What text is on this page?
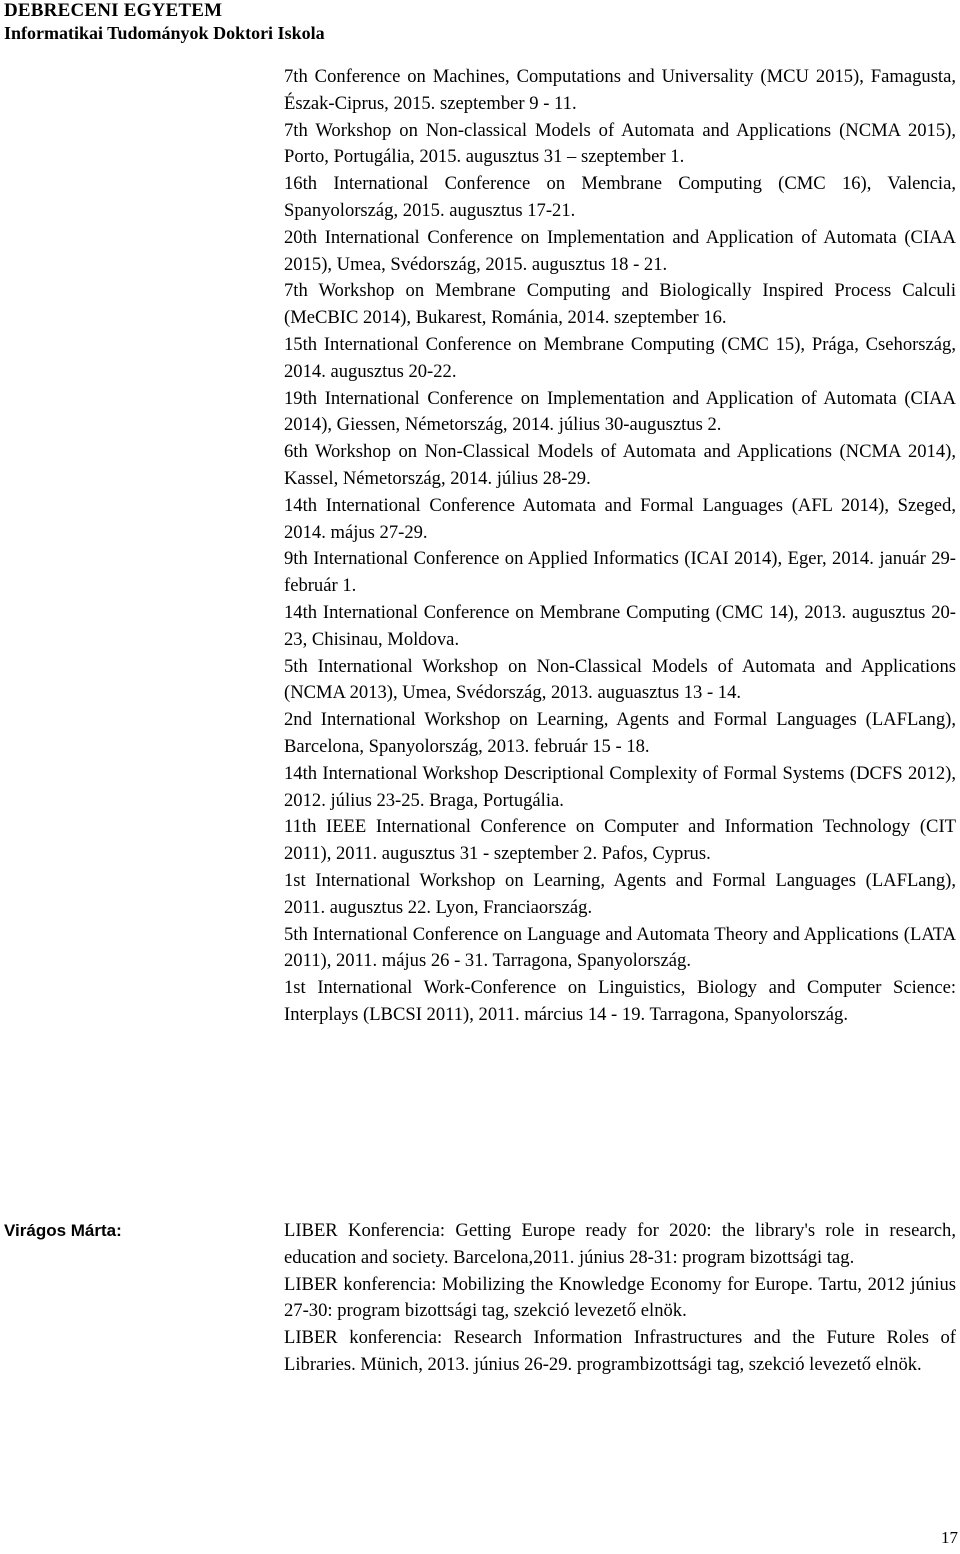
DEBRECENI EGYETEM
Informatikai Tudományok Doktori Iskola

7th Conference on Machines, Computations and Universality (MCU 2015), Famagusta, Észak-Ciprus, 2015. szeptember 9 - 11.

7th Workshop on Non-classical Models of Automata and Applications (NCMA 2015), Porto, Portugália, 2015. augusztus 31 – szeptember 1.

16th International Conference on Membrane Computing (CMC 16), Valencia, Spanyolország, 2015. augusztus 17-21.

20th International Conference on Implementation and Application of Automata (CIAA 2015), Umea, Svédország, 2015. augusztus 18 - 21.

7th Workshop on Membrane Computing and Biologically Inspired Process Calculi (MeCBIC 2014), Bukarest, Románia, 2014. szeptember 16.

15th International Conference on Membrane Computing (CMC 15), Prága, Csehország, 2014. augusztus 20-22.

19th International Conference on Implementation and Application of Automata (CIAA 2014), Giessen, Németország, 2014. július 30-augusztus 2.

6th Workshop on Non-Classical Models of Automata and Applications (NCMA 2014), Kassel, Németország, 2014. július 28-29.

14th International Conference Automata and Formal Languages (AFL 2014), Szeged, 2014. május 27-29.

9th International Conference on Applied Informatics (ICAI 2014), Eger, 2014. január 29-február 1.

14th International Conference on Membrane Computing (CMC 14), 2013. augusztus 20-23, Chisinau, Moldova.

5th International Workshop on Non-Classical Models of Automata and Applications (NCMA 2013), Umea, Svédország, 2013. auguasztus 13 - 14.

2nd International Workshop on Learning, Agents and Formal Languages (LAFLang), Barcelona, Spanyolország, 2013. február 15 - 18.

14th International Workshop Descriptional Complexity of Formal Systems (DCFS 2012), 2012. július 23-25. Braga, Portugália.

11th IEEE International Conference on Computer and Information Technology (CIT 2011), 2011. augusztus 31 - szeptember 2. Pafos, Cyprus.

1st International Workshop on Learning, Agents and Formal Languages (LAFLang), 2011. augusztus 22. Lyon, Franciaország.

5th International Conference on Language and Automata Theory and Applications (LATA 2011), 2011. május 26 - 31. Tarragona, Spanyolország.

1st International Work-Conference on Linguistics, Biology and Computer Science: Interplays (LBCSI 2011), 2011. március 14 - 19. Tarragona, Spanyolország.

Virágos Márta:	LIBER Konferencia: Getting Europe ready for 2020: the library's role in research, education and society. Barcelona,2011. június 28-31: program bizottsági tag.

LIBER konferencia: Mobilizing the Knowledge Economy for Europe. Tartu, 2012 június 27-30: program bizottsági tag, szekció levezető elnök.

LIBER konferencia: Research Information Infrastructures and the Future Roles of Libraries. Münich, 2013. június 26-29. programbizottsági tag, szekció levezető elnök.

17
